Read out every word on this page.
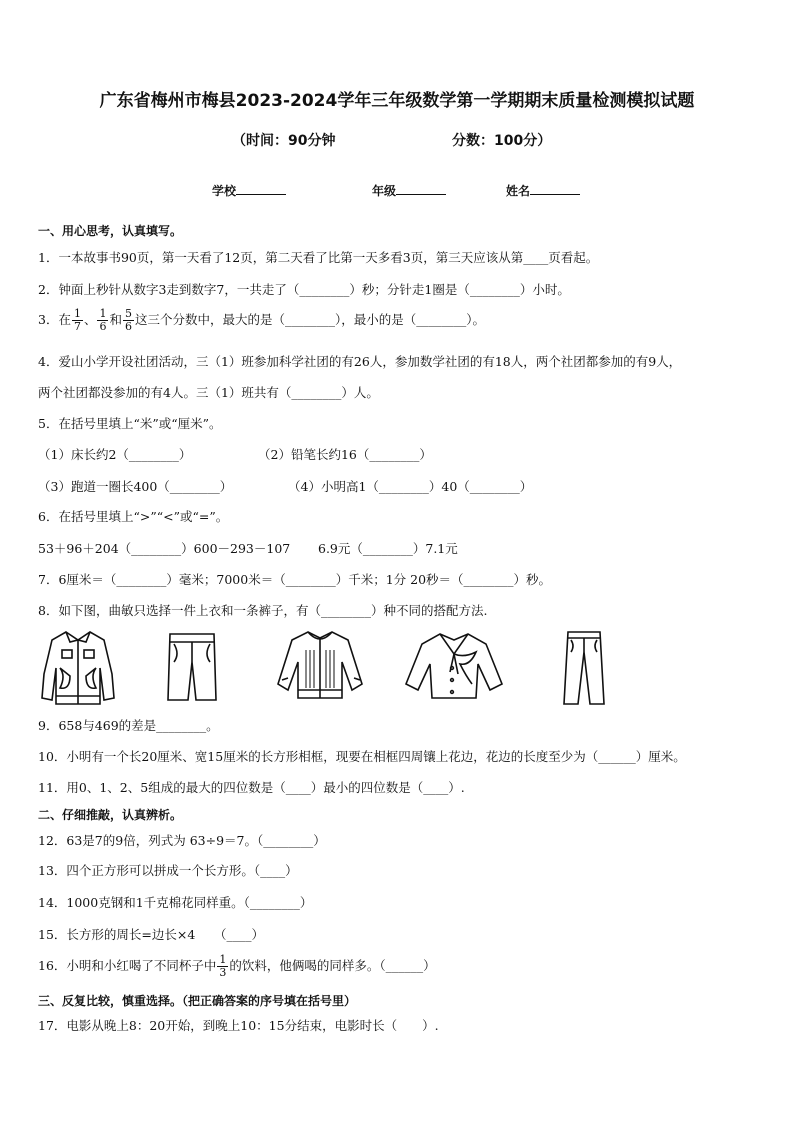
广东省梅州市梅县2023-2024学年三年级数学第一学期期末质量检测模拟试题
（时间：90分钟	分数：100分）
学校	年级	姓名
一、用心思考，认真填写。
1．一本故事书90页，第一天看了12页，第二天看了比第一天多看3页，第三天应该从第____页看起。
2．钟面上秒针从数字3走到数字7，一共走了（________）秒；分针走1圈是（________）小时。
3．在 $\frac{1}{7}$ 、 $\frac{1}{6}$ 和 $\frac{5}{6}$ 这三个分数中，最大的是（________），最小的是（________）。
4．爱山小学开设社团活动，三（1）班参加科学社团的有26人，参加数学社团的有18人，两个社团都参加的有9人，
两个社团都没参加的有4人。三（1）班共有（________）人。
5．在括号里填上“米”或“厘米”。
（1）床长约2（________）	（2）铅笔长约16（________）
（3）跑道一圈长400（________）	（4）小明高1（________）40（________）
6．在括号里填上“>”“<”或“=”。
53＋96＋204（________）600－293－107 6.9元（________）7.1元
7．6厘米＝（________）毫米；7000米＝（________）千米；1分 20秒＝（________）秒。
8．如下图，曲敏只选择一件上衣和一条裤子，有（________）种不同的搭配方法.
9．658与469的差是________。
10．小明有一个长20厘米、宽15厘米的长方形相框，现要在相框四周镶上花边，花边的长度至少为（______）厘米。
11．用0、1、2、5组成的最大的四位数是（____）最小的四位数是（____）.
二、仔细推敲，认真辨析。
12．63是7的9倍，列式为 63÷9＝7。（________）
13．四个正方形可以拼成一个长方形。（____）
14．1000克钢和1千克棉花同样重。（________）
15．长方形的周长=边长×4　　（____）
16．小明和小红喝了不同杯子中 $\frac{1}{3}$ 的饮料，他俩喝的同样多。（______）
三、反复比较，慎重选择。（把正确答案的序号填在括号里）
17．电影从晚上8：20开始，到晚上10：15分结束，电影时长（　　）.
